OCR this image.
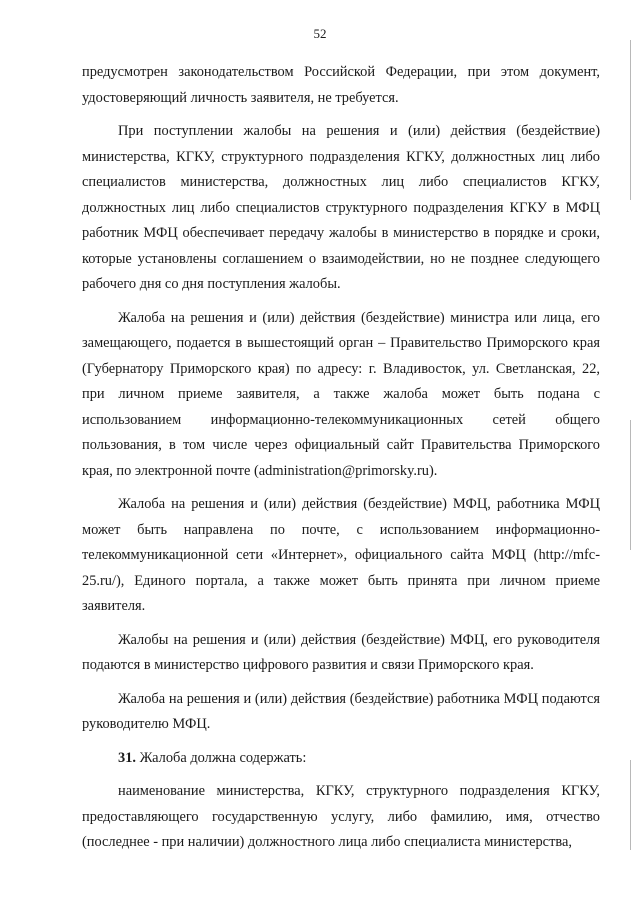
52

предусмотрен законодательством Российской Федерации, при этом документ, удостоверяющий личность заявителя, не требуется.

При поступлении жалобы на решения и (или) действия (бездействие) министерства, КГКУ, структурного подразделения КГКУ, должностных лиц либо специалистов министерства, должностных лиц либо специалистов КГКУ, должностных лиц либо специалистов структурного подразделения КГКУ в МФЦ работник МФЦ обеспечивает передачу жалобы в министерство в порядке и сроки, которые установлены соглашением о взаимодействии, но не позднее следующего рабочего дня со дня поступления жалобы.

Жалоба на решения и (или) действия (бездействие) министра или лица, его замещающего, подается в вышестоящий орган – Правительство Приморского края (Губернатору Приморского края) по адресу: г. Владивосток, ул. Светланская, 22, при личном приеме заявителя, а также жалоба может быть подана с использованием информационно-телекоммуникационных сетей общего пользования, в том числе через официальный сайт Правительства Приморского края, по электронной почте (administration@primorsky.ru).

Жалоба на решения и (или) действия (бездействие) МФЦ, работника МФЦ может быть направлена по почте, с использованием информационно-телекоммуникационной сети «Интернет», официального сайта МФЦ (http://mfc-25.ru/), Единого портала, а также может быть принята при личном приеме заявителя.

Жалобы на решения и (или) действия (бездействие) МФЦ, его руководителя подаются в министерство цифрового развития и связи Приморского края.

Жалоба на решения и (или) действия (бездействие) работника МФЦ подаются руководителю МФЦ.

31. Жалоба должна содержать:

наименование министерства, КГКУ, структурного подразделения КГКУ, предоставляющего государственную услугу, либо фамилию, имя, отчество (последнее - при наличии) должностного лица либо специалиста министерства,
